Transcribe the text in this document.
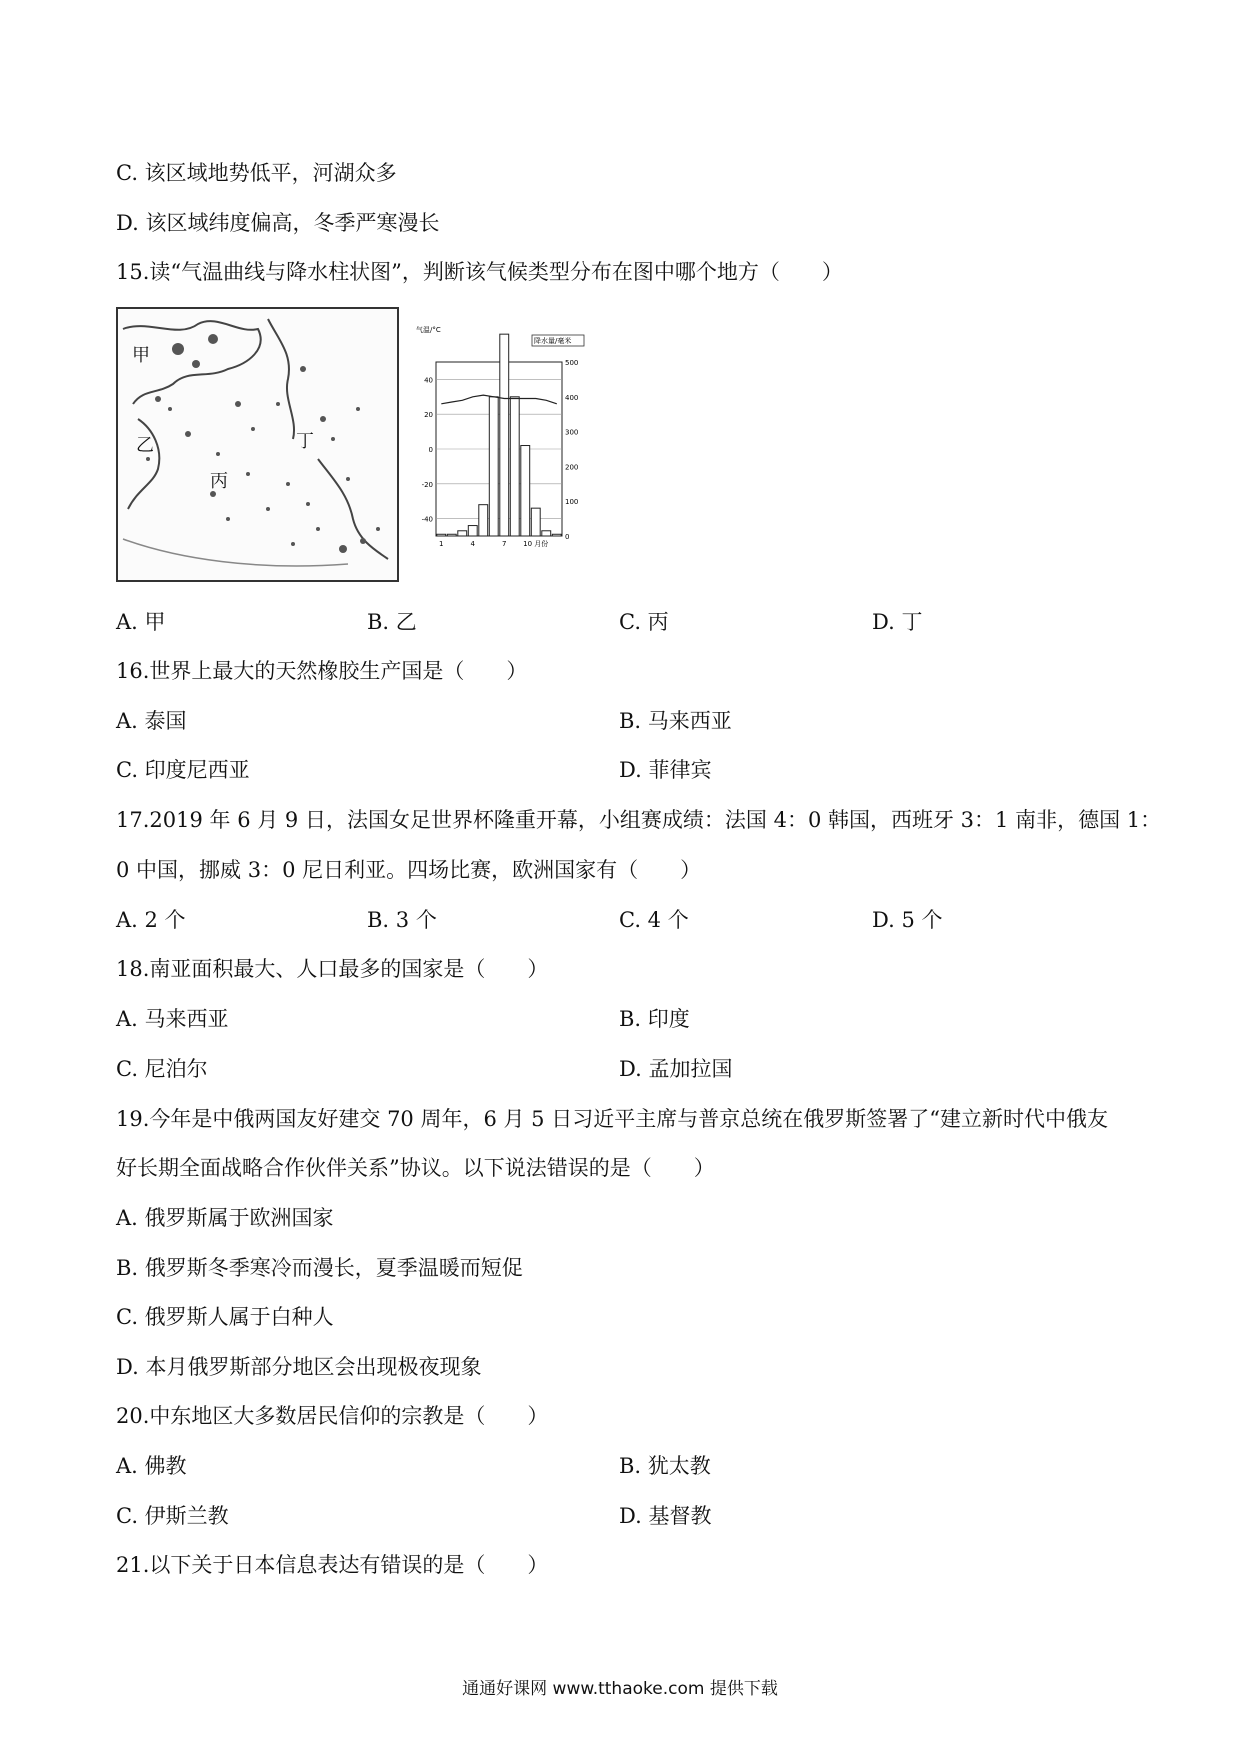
C. 该区域地势低平，河湖众多
D. 该区域纬度偏高，冬季严寒漫长
15.读“气温曲线与降水柱状图”，判断该气候类型分布在图中哪个地方（　　）
甲
乙
丙
丁
气温/°C
降水量/毫米
40
20
0
-20
-40
500
400
300
200
100
0
1	4	7 10 月份
A. 甲	B. 乙	C. 丙	D. 丁
16.世界上最大的天然橡胶生产国是（　　）
A. 泰国	B. 马来西亚
C. 印度尼西亚	D. 菲律宾
17.2019 年 6 月 9 日，法国女足世界杯隆重开幕，小组赛成绩：法国 4：0 韩国，西班牙 3：1 南非，德国 1：
0 中国，挪威 3：0 尼日利亚。四场比赛，欧洲国家有（　　）
A. 2 个	B. 3 个	C. 4 个	D. 5 个
18.南亚面积最大、人口最多的国家是（　　）
A. 马来西亚	B. 印度
C. 尼泊尔	D. 孟加拉国
19.今年是中俄两国友好建交 70 周年，6 月 5 日习近平主席与普京总统在俄罗斯签署了“建立新时代中俄友
好长期全面战略合作伙伴关系”协议。以下说法错误的是（　　）
A. 俄罗斯属于欧洲国家
B. 俄罗斯冬季寒冷而漫长，夏季温暖而短促
C. 俄罗斯人属于白种人
D. 本月俄罗斯部分地区会出现极夜现象
20.中东地区大多数居民信仰的宗教是（　　）
A. 佛教	B. 犹太教
C. 伊斯兰教	D. 基督教
21.以下关于日本信息表达有错误的是（　　）
通通好课网 www.tthaoke.com 提供下载
